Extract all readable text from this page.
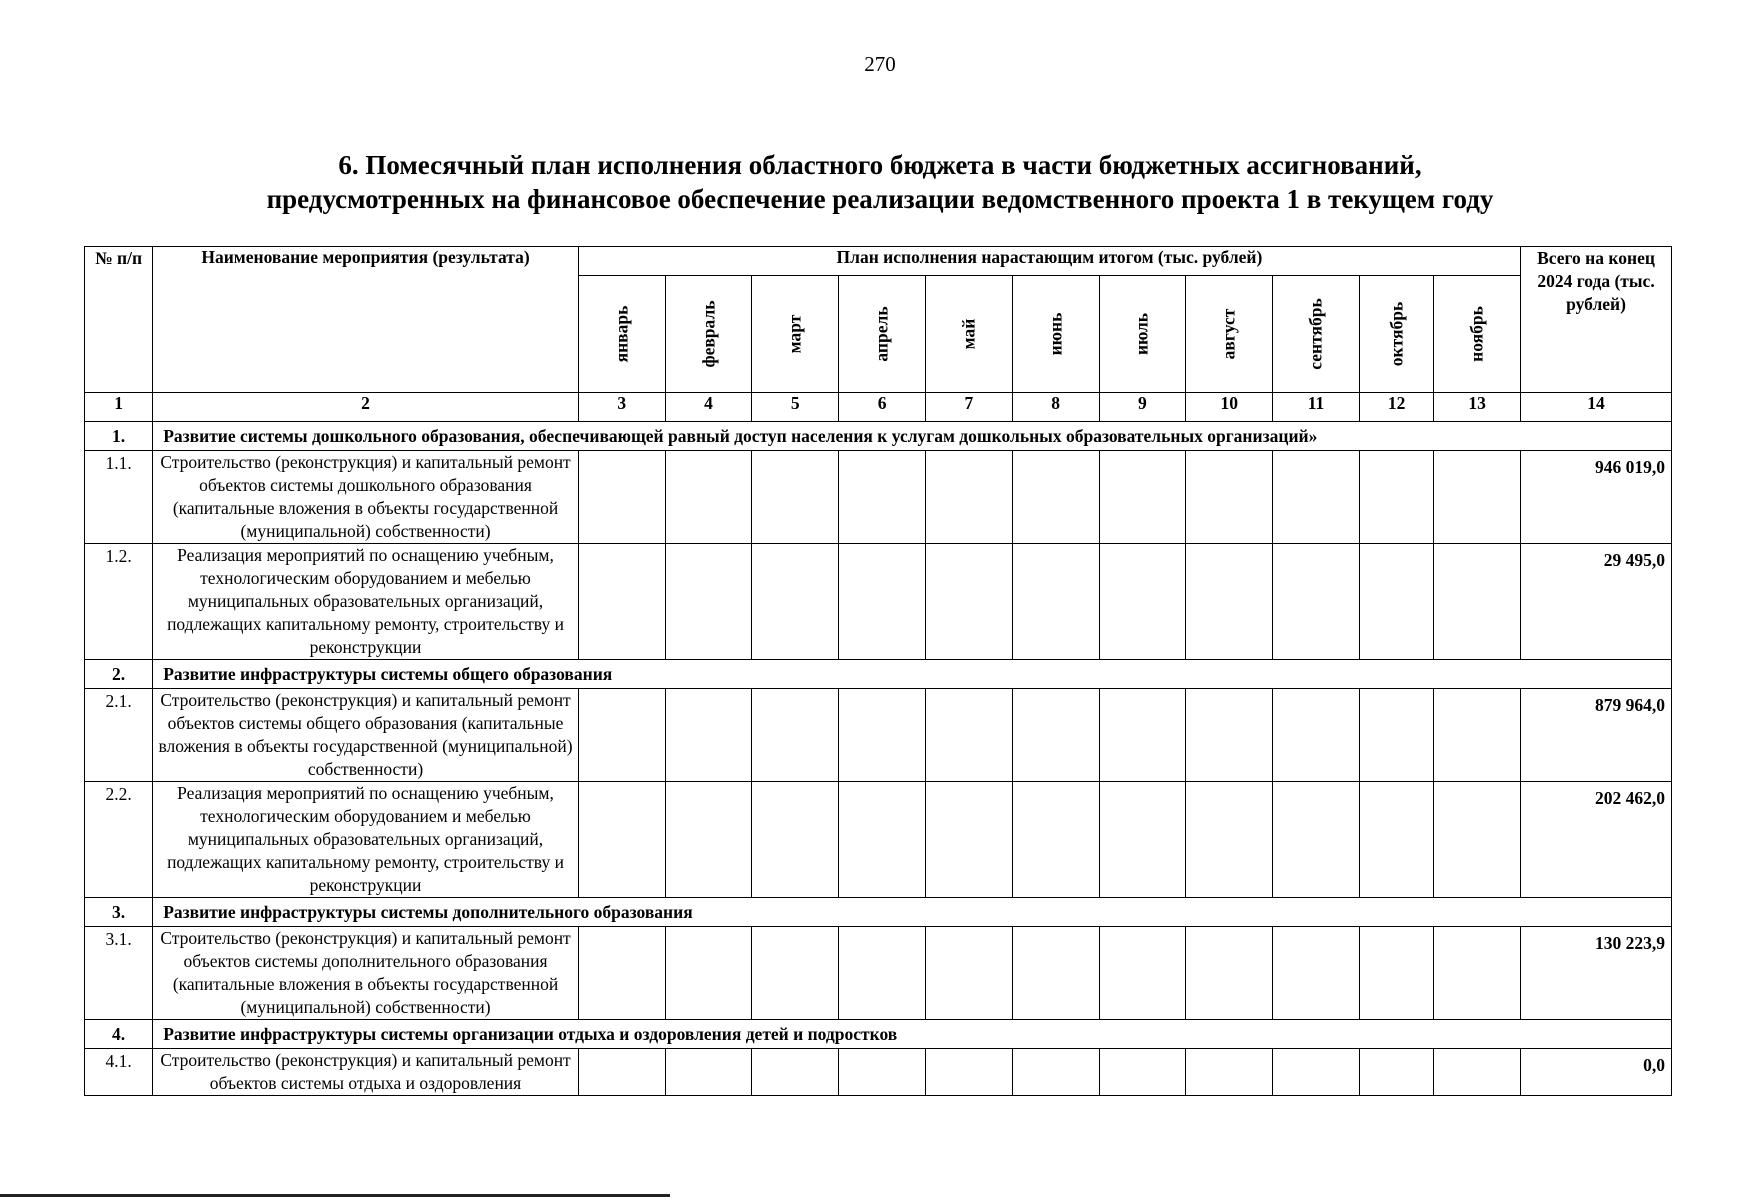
270
6. Помесячный план исполнения областного бюджета в части бюджетных ассигнований,
предусмотренных на финансовое обеспечение реализации ведомственного проекта 1 в текущем году
№ п/п	Наименование мероприятия (результата)	План исполнения нарастающим итогом (тыс. рублей)											Всего на конец 2024 года (тыс. рублей)

		январь	февраль	март	апрель	май	июнь	июль	август	сентябрь	октябрь	ноябрь	

1	2	3	4	5	6	7	8	9	10	11	12	13	14
1.	Развитие системы дошкольного образования, обеспечивающей равный доступ населения к услугам дошкольных образовательных организаций»												
1.1.	Строительство (реконструкция) и капитальный ремонт объектов системы дошкольного образования (капитальные вложения в объекты государственной (муниципальной) собственности)												946 019,0
1.2.	Реализация мероприятий по оснащению учебным, технологическим оборудованием и мебелью муниципальных образовательных организаций, подлежащих капитальному ремонту, строительству и реконструкции												29 495,0
2.	Развитие инфраструктуры системы общего образования												
2.1.	Строительство (реконструкция) и капитальный ремонт объектов системы общего образования (капитальные вложения в объекты государственной (муниципальной) собственности)												879 964,0
2.2.	Реализация мероприятий по оснащению учебным, технологическим оборудованием и мебелью муниципальных образовательных организаций, подлежащих капитальному ремонту, строительству и реконструкции												202 462,0
3.	Развитие инфраструктуры системы дополнительного образования												
3.1.	Строительство (реконструкция) и капитальный ремонт объектов системы дополнительного образования (капитальные вложения в объекты государственной (муниципальной) собственности)												130 223,9
4.	Развитие инфраструктуры системы организации отдыха и оздоровления детей и подростков												
4.1.	Строительство (реконструкция) и капитальный ремонт объектов системы отдыха и оздоровления												0,0
